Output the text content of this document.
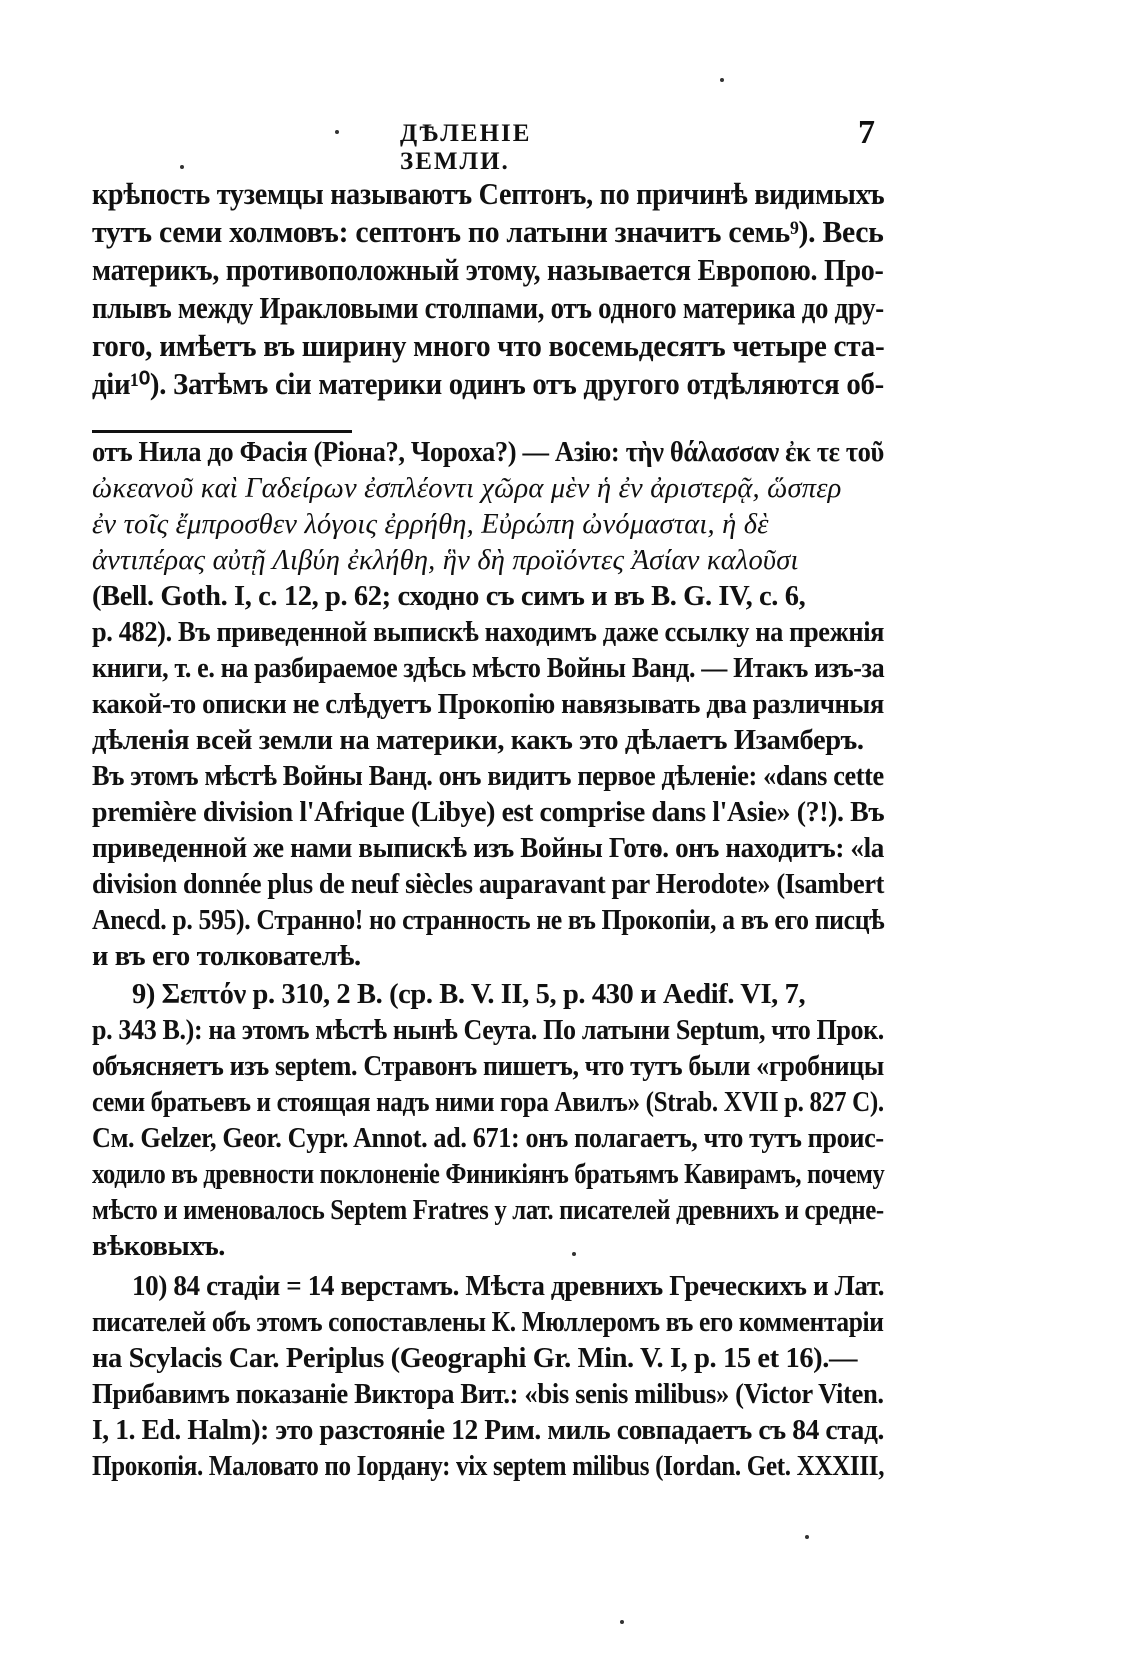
ДѢЛЕНІЕ ЗЕМЛИ.
7
крѣпость туземцы называютъ Септонъ, по причинѣ видимыхъ
тутъ семи холмовъ: септонъ по латыни значитъ семь⁹). Весь
материкъ, противоположный этому, называется Европою. Про-
плывъ между Иракловыми столпами, отъ одного материка до дру-
гого, имѣетъ въ ширину много что восемьдесятъ четыре ста-
діи¹⁰). Затѣмъ сіи материки одинъ отъ другого отдѣляются об-
отъ Нила до Фасія (Ріона?, Чороха?) — Азію: τὴν θάλασσαν ἐκ τε τοῦ
ὠκεανοῦ καὶ Γαδείρων ἐσπλέοντι χῶρα μὲν ἡ ἐν ἀριστερᾷ, ὥσπερ
ἐν τοῖς ἔμπροσθεν λόγοις ἐρρήθη, Εὐρώπη ὠνόμασται, ἡ δὲ
ἀντιπέρας αὐτῇ Λιβύη ἐκλήθη, ἣν δὴ προϊόντες Ἀσίαν καλοῦσι
(Bell. Goth. I, c. 12, p. 62; сходно съ симъ и въ B. G. IV, c. 6,
p. 482). Въ приведенной выпискѣ находимъ даже ссылку на прежнія
книги, т. е. на разбираемое здѣсь мѣсто Войны Ванд. — Итакъ изъ-за
какой-то описки не слѣдуетъ Прокопію навязывать два различныя
дѣленія всей земли на материки, какъ это дѣлаетъ Изамберъ.
Въ этомъ мѣстѣ Войны Ванд. онъ видитъ первое дѣленіе: «dans cette
première division l'Afrique (Libye) est comprise dans l'Asie» (?!). Въ
приведенной же нами выпискѣ изъ Войны Готѳ. онъ находитъ: «la
division donnée plus de neuf siècles auparavant par Herodote» (Isambert
Anecd. p. 595). Странно! но странность не въ Прокопіи, а въ его писцѣ
и въ его толкователѣ.
9) Σεπτόν p. 310, 2 B. (cp. B. V. II, 5, p. 430 и Aedif. VI, 7,
p. 343 B.): на этомъ мѣстѣ нынѣ Сеута. По латыни Septum, что Прок.
объясняетъ изъ septem. Стравонъ пишетъ, что тутъ были «гробницы
семи братьевъ и стоящая надъ ними гора Авилъ» (Strab. XVII p. 827 C).
См. Gelzer, Geor. Cypr. Annot. ad. 671: онъ полагаетъ, что тутъ проис-
ходило въ древности поклоненіе Финикіянъ братьямъ Кавирамъ, почему
мѣсто и именовалось Septem Fratres у лат. писателей древнихъ и средне-
вѣковыхъ.
10) 84 стадіи = 14 верстамъ. Мѣста древнихъ Греческихъ и Лат.
писателей объ этомъ сопоставлены К. Мюллеромъ въ его комментаріи
на Scylacis Car. Periplus (Geographi Gr. Min. V. I, p. 15 et 16).—
Прибавимъ показаніе Виктора Вит.: «bis senis milibus» (Victor Viten.
I, 1. Ed. Halm): это разстояніе 12 Рим. миль совпадаетъ съ 84 стад.
Прокопія. Маловато по Іордану: vix septem milibus (Iordan. Get. XXXIII,
